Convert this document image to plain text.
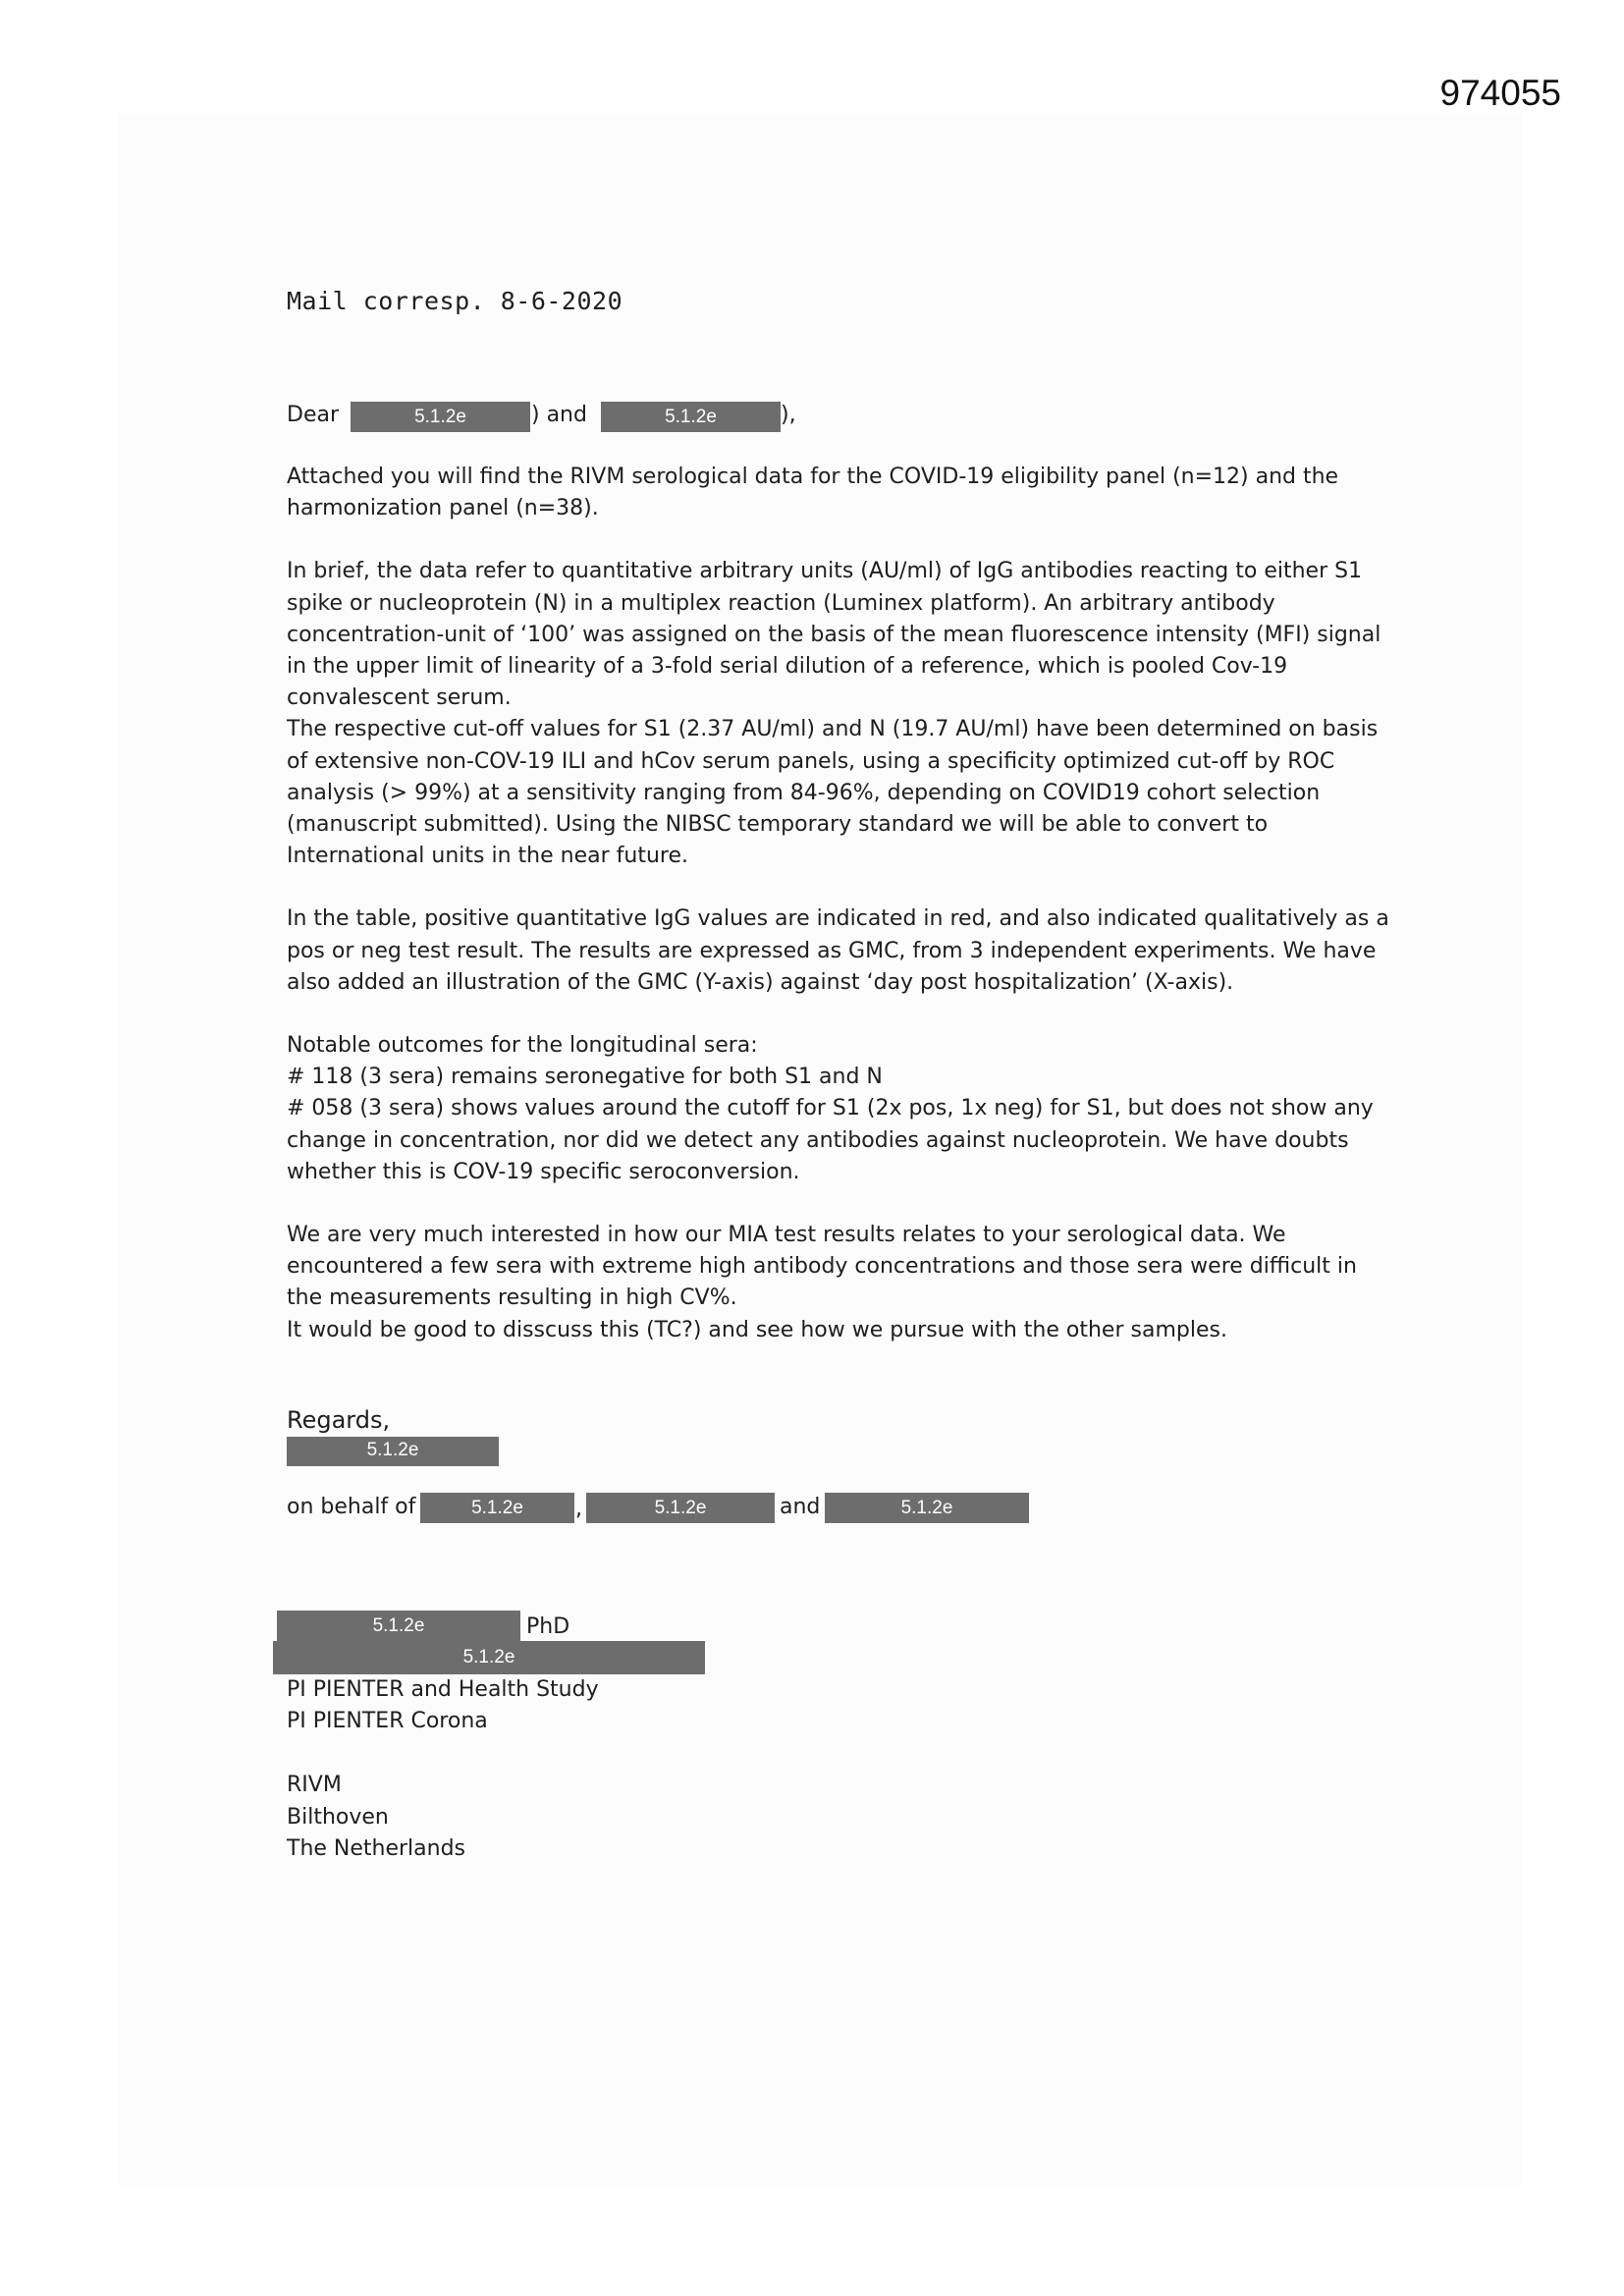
974055
Mail corresp. 8-6-2020
Dear	5.1.2e	) and	5.1.2e	),

Attached you will find the RIVM serological data for the COVID-19 eligibility panel (n=12) and the

harmonization panel (n=38).

In brief, the data refer to quantitative arbitrary units (AU/ml) of IgG antibodies reacting to either S1

spike or nucleoprotein (N) in a multiplex reaction (Luminex platform). An arbitrary antibody

concentration-unit of ‘100’ was assigned on the basis of the mean fluorescence intensity (MFI) signal

in the upper limit of linearity of a 3-fold serial dilution of a reference, which is pooled Cov-19

convalescent serum.

The respective cut-off values for S1 (2.37 AU/ml) and N (19.7 AU/ml) have been determined on basis

of extensive non-COV-19 ILI and hCov serum panels, using a specificity optimized cut-off by ROC

analysis (> 99%) at a sensitivity ranging from 84-96%, depending on COVID19 cohort selection

(manuscript submitted). Using the NIBSC temporary standard we will be able to convert to

International units in the near future.

In the table, positive quantitative IgG values are indicated in red, and also indicated qualitatively as a

pos or neg test result. The results are expressed as GMC, from 3 independent experiments. We have

also added an illustration of the GMC (Y-axis) against ‘day post hospitalization’ (X-axis).

Notable outcomes for the longitudinal sera:

# 118 (3 sera) remains seronegative for both S1 and N

# 058 (3 sera) shows values around the cutoff for S1 (2x pos, 1x neg) for S1, but does not show any

change in concentration, nor did we detect any antibodies against nucleoprotein. We have doubts

whether this is COV-19 specific seroconversion.

We are very much interested in how our MIA test results relates to your serological data. We

encountered a few sera with extreme high antibody concentrations and those sera were difficult in

the measurements resulting in high CV%.

It would be good to disscuss this (TC?) and see how we pursue with the other samples.

Regards,
5.1.2e
on behalf of	5.1.2e	,	5.1.2e	and	5.1.2e
5.1.2e	PhD
5.1.2e
PI PIENTER and Health Study
PI PIENTER Corona
RIVM
Bilthoven
The Netherlands
